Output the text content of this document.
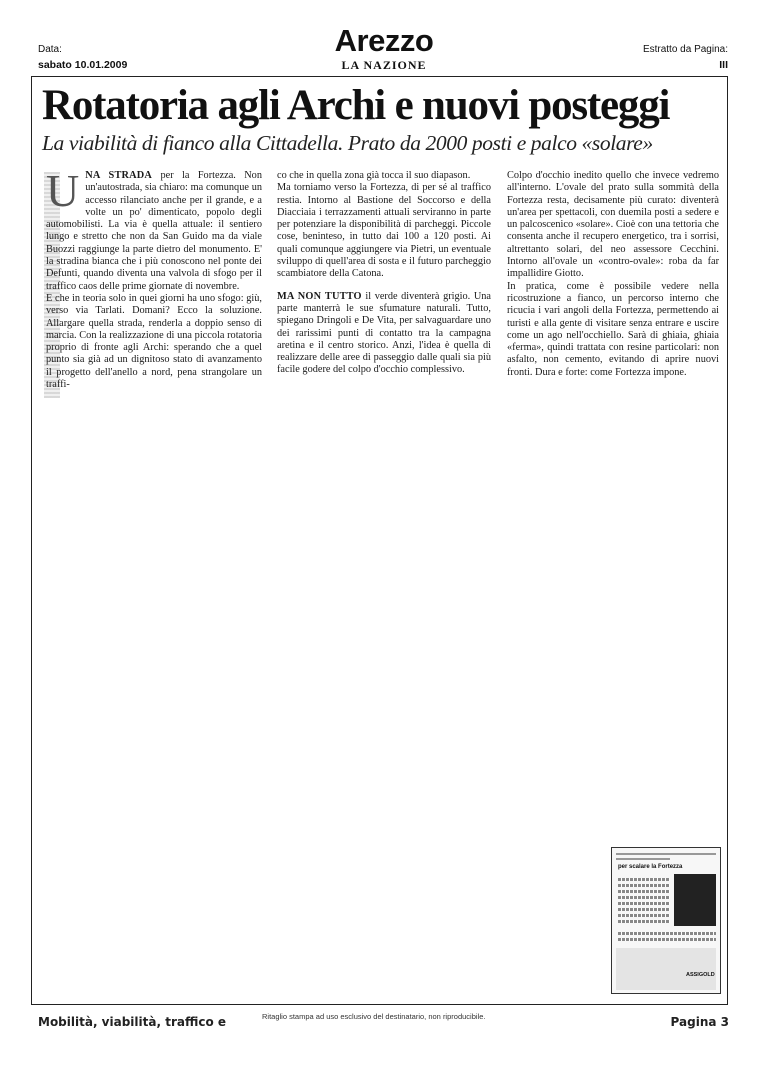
Data:
sabato 10.01.2009
Arezzo
LA NAZIONE
Estratto da Pagina:
III
Rotatoria agli Archi e nuovi posteggi
La viabilità di fianco alla Cittadella. Prato da 2000 posti e palco «solare»

UNA STRADA per la Fortezza. Non un'autostrada, sia chiaro: ma comunque un accesso rilanciato anche per il grande, e a volte un po' dimenticato, popolo degli automobilisti. La via è quella attuale: il sentiero lungo e stretto che non da San Guido ma da viale Buozzi raggiunge la parte dietro del monumento. E' la stradina bianca che i più conoscono nel ponte dei Defunti, quando diventa una valvola di sfogo per il traffico caos delle prime giornate di novembre.

E che in teoria solo in quei giorni ha uno sfogo: giù, verso via Tarlati. Domani? Ecco la soluzione. Allargare quella strada, renderla a doppio senso di marcia. Con la realizzazione di una piccola rotatoria proprio di fronte agli Archi: sperando che a quel punto sia già ad un dignitoso stato di avanzamento il progetto dell'anello a nord, pena strangolare un traffi-

co che in quella zona già tocca il suo diapason.

Ma torniamo verso la Fortezza, di per sé al traffico restia. Intorno al Bastione del Soccorso e della Diacciaia i terrazzamenti attuali serviranno in parte per potenziare la disponibilità di parcheggi. Piccole cose, beninteso, in tutto dai 100 a 120 posti. Ai quali comunque aggiungere via Pietri, un eventuale sviluppo di quell'area di sosta e il futuro parcheggio scambiatore della Catona.

MA NON TUTTO il verde diventerà grigio. Una parte manterrà le sue sfumature naturali. Tutto, spiegano Dringoli e De Vita, per salvaguardare uno dei rarissimi punti di contatto tra la campagna aretina e il centro storico. Anzi, l'idea è quella di realizzare delle aree di passeggio dalle quali sia più facile godere del colpo d'occhio complessivo.

Colpo d'occhio inedito quello che invece vedremo all'interno. L'ovale del prato sulla sommità della Fortezza resta, decisamente più curato: diventerà un'area per spettacoli, con duemila posti a sedere e un palcoscenico «solare». Cioè con una tettoria che consenta anche il recupero energetico, tra i sorrisi, altrettanto solari, del neo assessore Cecchini. Intorno all'ovale un «contro-ovale»: roba da far impallidire Giotto.

In pratica, come è possibile vedere nella ricostruzione a fianco, un percorso interno che ricucia i vari angoli della Fortezza, permettendo ai turisti e alla gente di visitare senza entrare e uscire come un ago nell'occhiello. Sarà di ghiaia, ghiaia «ferma», quindi trattata con resine particolari: non asfalto, non cemento, evitando di aprire nuovi fronti. Dura e forte: come Fortezza impone.

per scalare la Fortezza
ASSIGOLD
Mobilità, viabilità, traffico e	Ritaglio stampa ad uso esclusivo del destinatario, non riproducibile.	Pagina 3
